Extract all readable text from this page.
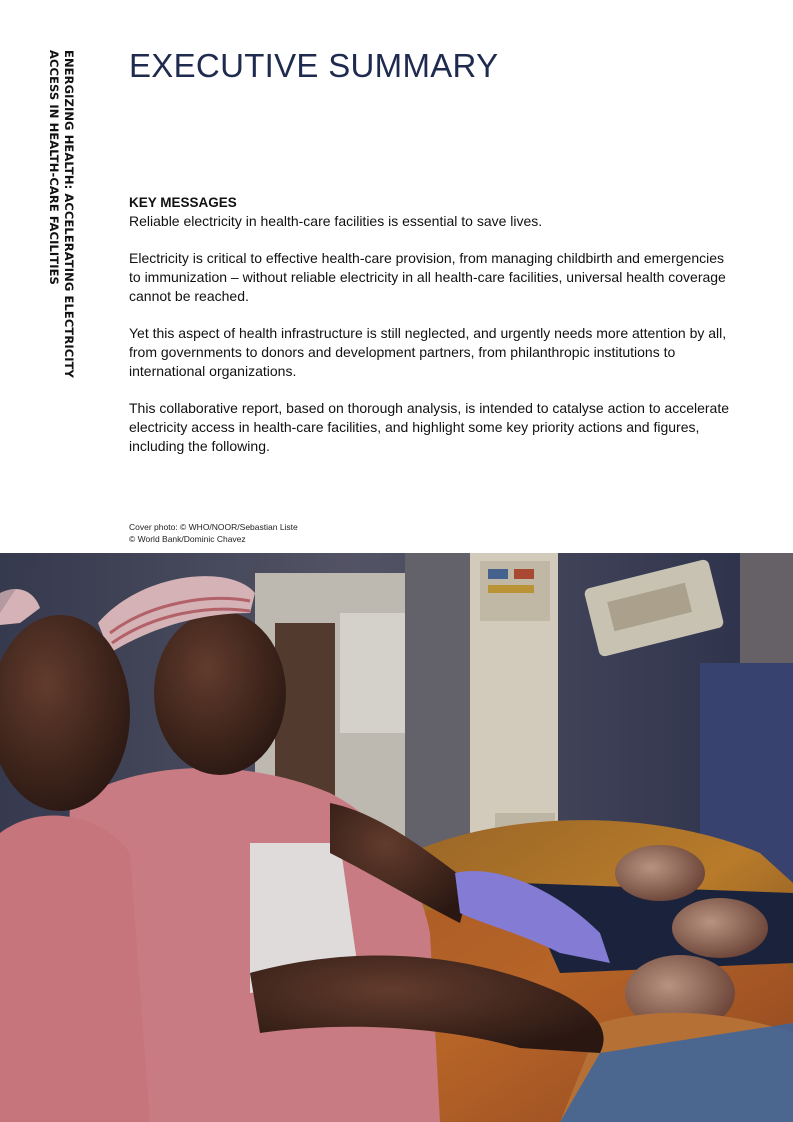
ENERGIZING HEALTH: ACCELERATING ELECTRICITY
ACCESS IN HEALTH-CARE FACILITIES EXECUTIVE SUMMARY
KEY MESSAGES

Reliable electricity in health-care facilities is essential to save lives.

Electricity is critical to effective health-care provision, from managing childbirth and emergencies to immunization – without reliable electricity in all health-care facilities, universal health coverage cannot be reached.

Yet this aspect of health infrastructure is still neglected, and urgently needs more attention by all, from governments to donors and development partners, from philanthropic institutions to international organizations.

This collaborative report, based on thorough analysis, is intended to catalyse action to accelerate electricity access in health-care facilities, and highlight some key priority actions and figures, including the following.

Cover photo: © WHO/NOOR/Sebastian Liste
© World Bank/Dominic Chavez
